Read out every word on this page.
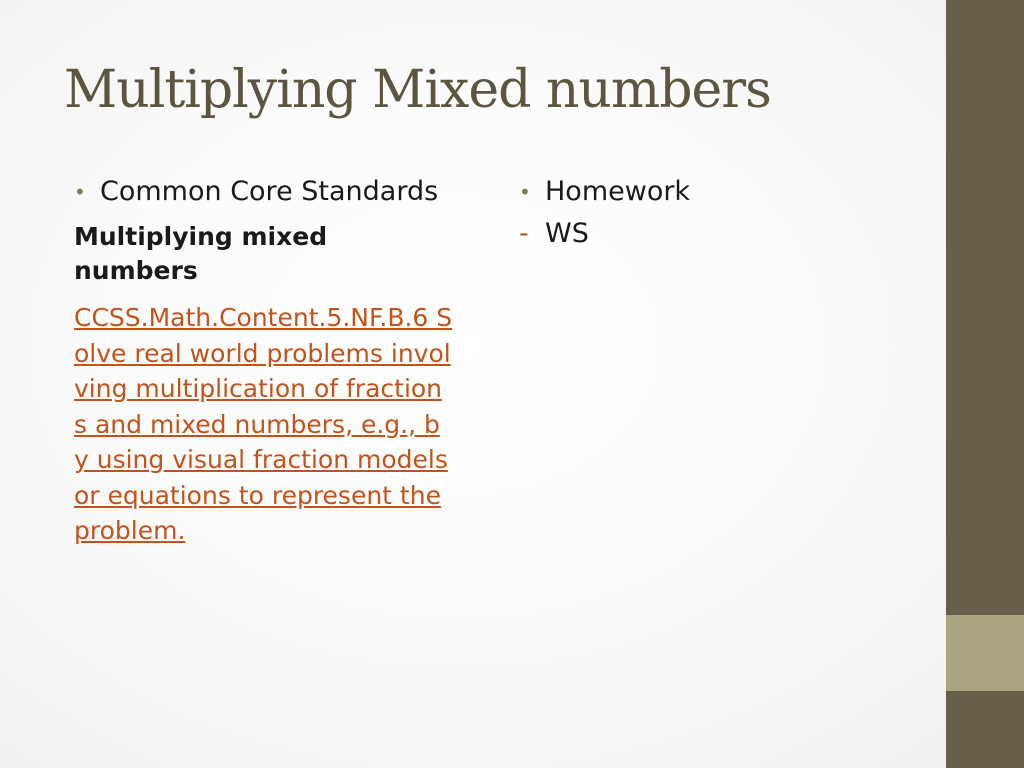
Multiplying Mixed numbers
• Common Core Standards
Multiplying mixed numbers
CCSS.Math.Content.5.NF.B.6 Solve real world problems involving multiplication of fractions and mixed numbers, e.g., by using visual fraction models or equations to represent the problem.
• Homework
- WS
